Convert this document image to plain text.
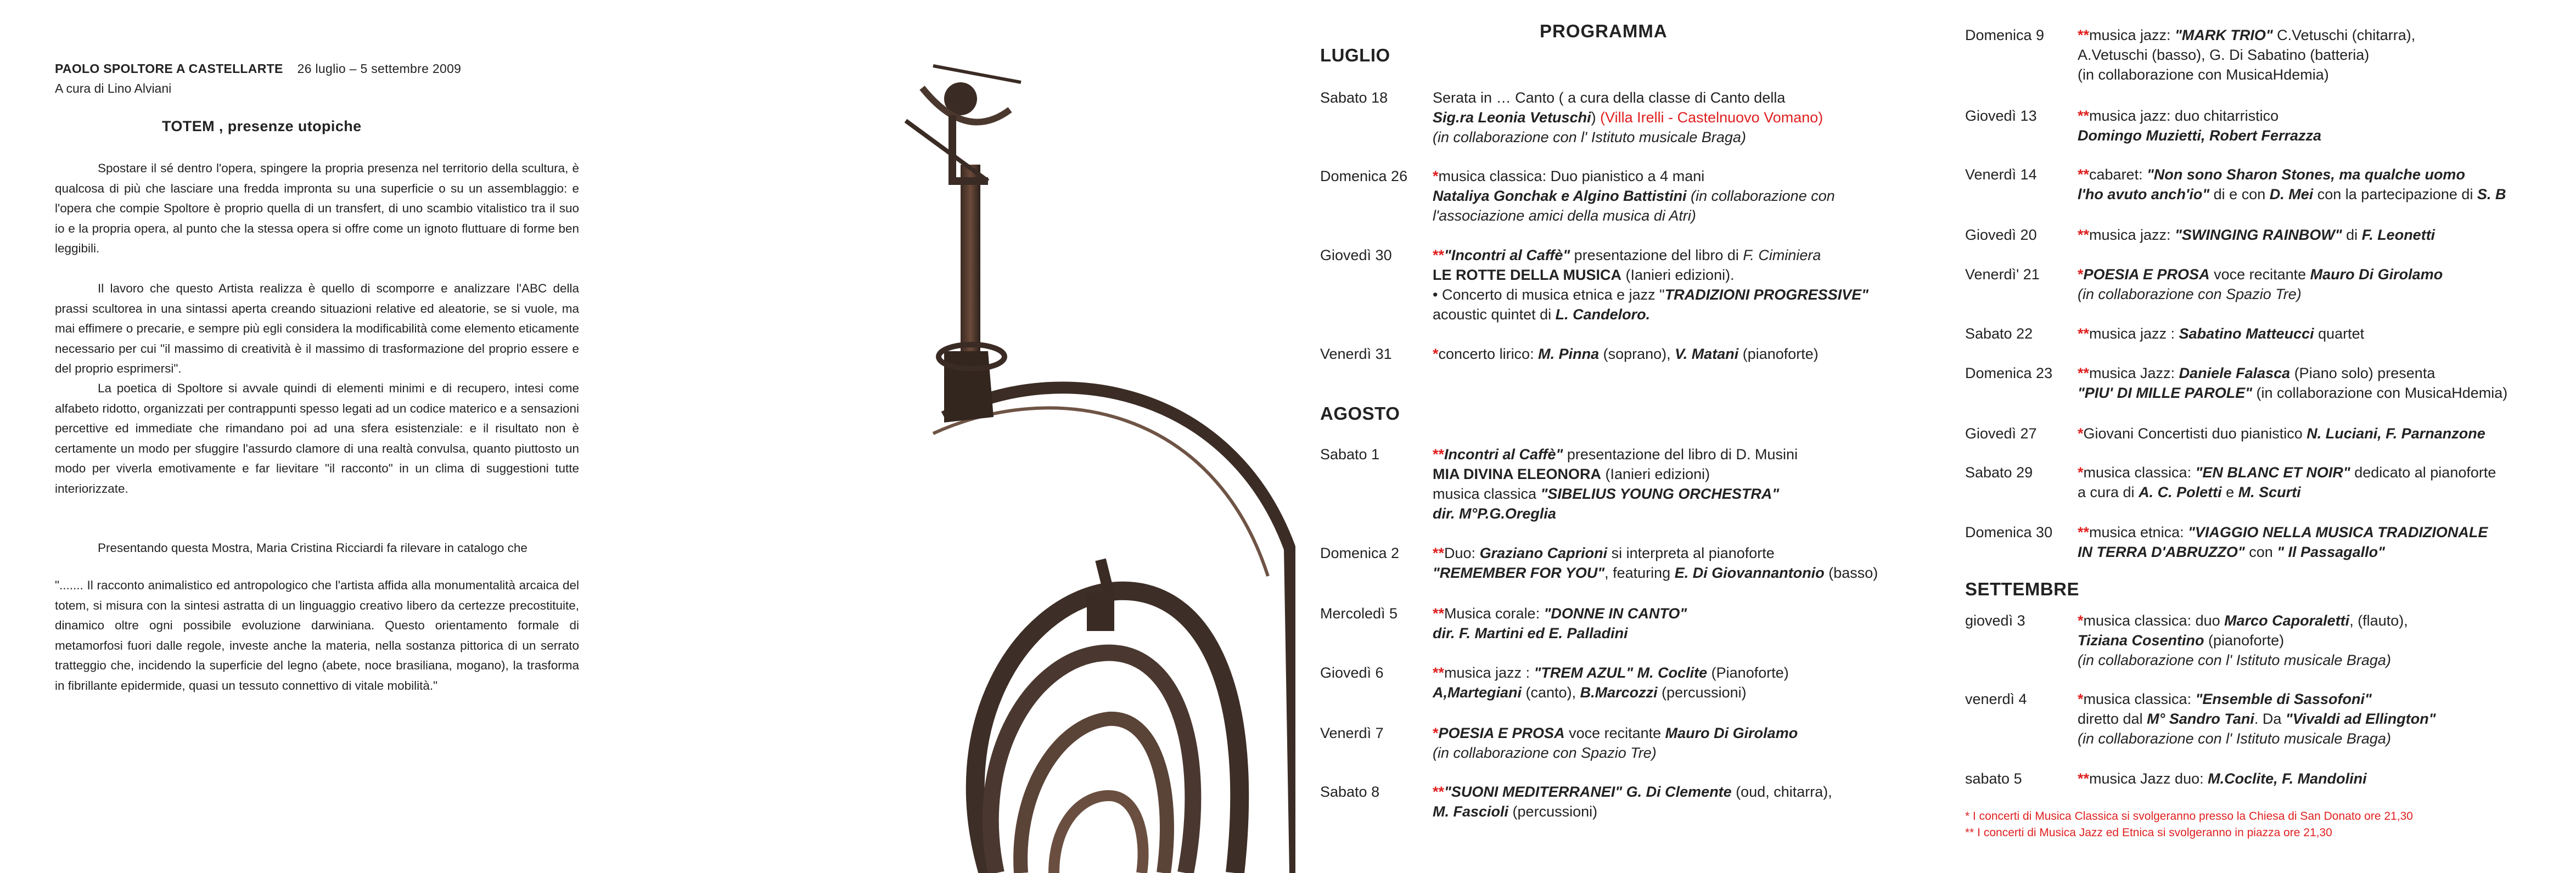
PAOLO SPOLTORE A CASTELLARTE 26 luglio – 5 settembre 2009
A cura di Lino Alviani
TOTEM , presenze utopiche

Spostare il sé dentro l'opera, spingere la propria presenza nel territorio della scultura, è qualcosa di più che lasciare una fredda impronta su una superficie o su un assemblaggio: e l'opera che compie Spoltore è proprio quella di un transfert, di uno scambio vitalistico tra il suo io e la propria opera, al punto che la stessa opera si offre come un ignoto fluttuare di forme ben leggibili.

Il lavoro che questo Artista realizza è quello di scomporre e analizzare l'ABC della prassi scultorea in una sintassi aperta creando situazioni relative ed aleatorie, se si vuole, ma mai effimere o precarie, e sempre più egli considera la modificabilità come elemento eticamente necessario per cui "il massimo di creatività è il massimo di trasformazione del proprio essere e del proprio esprimersi".

La poetica di Spoltore si avvale quindi di elementi minimi e di recupero, intesi come alfabeto ridotto, organizzati per contrappunti spesso legati ad un codice materico e a sensazioni percettive ed immediate che rimandano poi ad una sfera esistenziale: e il risultato non è certamente un modo per sfuggire l'assurdo clamore di una realtà convulsa, quanto piuttosto un modo per viverla emotivamente e far lievitare "il racconto" in un clima di suggestioni tutte interiorizzate.

Presentando questa Mostra, Maria Cristina Ricciardi fa rilevare in catalogo che

"....... Il racconto animalistico ed antropologico che l'artista affida alla monumentalità arcaica del totem, si misura con la sintesi astratta di un linguaggio creativo libero da certezze precostituite, dinamico oltre ogni possibile evoluzione darwiniana. Questo orientamento formale di metamorfosi fuori dalle regole, investe anche la materia, nella sostanza pittorica di un serrato tratteggio che, incidendo la superficie del legno (abete, noce brasiliana, mogano), la trasforma in fibrillante epidermide, quasi un tessuto connettivo di vitale mobilità."

PROGRAMMA
LUGLIO
AGOSTO
SETTEMBRE
Sabato 18	Serata in … Canto ( a cura della classe di Canto della
Sig.ra Leonia Vetuschi) (Villa Irelli - Castelnuovo Vomano)
(in collaborazione con l' Istituto musicale Braga)
Domenica 26 *musica classica: Duo pianistico a 4 mani
Nataliya Gonchak e Algino Battistini (in collaborazione con
l'associazione amici della musica di Atri)
Giovedì 30	**"Incontri al Caffè" presentazione del libro di F. Ciminiera
LE ROTTE DELLA MUSICA (Ianieri edizioni).
• Concerto di musica etnica e jazz "TRADIZIONI PROGRESSIVE"
acoustic quintet di L. Candeloro.
Venerdì 31	*concerto lirico: M. Pinna (soprano), V. Matani (pianoforte)
Sabato 1	**Incontri al Caffè" presentazione del libro di D. Musini
MIA DIVINA ELEONORA (Ianieri edizioni)
musica classica "SIBELIUS YOUNG ORCHESTRA"
dir. M°P.G.Oreglia
Domenica 2 **Duo: Graziano Caprioni si interpreta al pianoforte
"REMEMBER FOR YOU", featuring E. Di Giovannantonio (basso)
Mercoledì 5 **Musica corale: "DONNE IN CANTO"
dir. F. Martini ed E. Palladini
Giovedì 6	**musica jazz : "TREM AZUL" M. Coclite (Pianoforte)
A,Martegiani (canto), B.Marcozzi (percussioni)
Venerdì 7	*POESIA E PROSA voce recitante Mauro Di Girolamo
(in collaborazione con Spazio Tre)
Sabato 8	**"SUONI MEDITERRANEI" G. Di Clemente (oud, chitarra),
M. Fascioli (percussioni)
Domenica 9 **musica jazz: "MARK TRIO" C.Vetuschi (chitarra),
A.Vetuschi (basso), G. Di Sabatino (batteria)
(in collaborazione con MusicaHdemia)
Giovedì 13	**musica jazz: duo chitarristico
Domingo Muzietti, Robert Ferrazza
Venerdì 14	**cabaret: "Non sono Sharon Stones, ma qualche uomo
l'ho avuto anch'io" di e con D. Mei con la partecipazione di S. B
Giovedì 20	**musica jazz: "SWINGING RAINBOW" di F. Leonetti
Venerdì' 21	*POESIA E PROSA voce recitante Mauro Di Girolamo
(in collaborazione con Spazio Tre)
Sabato 22	**musica jazz : Sabatino Matteucci quartet
Domenica 23 **musica Jazz: Daniele Falasca (Piano solo) presenta
"PIU' DI MILLE PAROLE" (in collaborazione con MusicaHdemia)
Giovedì 27	*Giovani Concertisti duo pianistico N. Luciani, F. Parnanzone
Sabato 29	*musica classica: "EN BLANC ET NOIR" dedicato al pianoforte
a cura di A. C. Poletti e M. Scurti
Domenica 30 **musica etnica: "VIAGGIO NELLA MUSICA TRADIZIONALE
IN TERRA D'ABRUZZO" con " Il Passagallo"
giovedì 3	*musica classica: duo Marco Caporaletti, (flauto),
Tiziana Cosentino (pianoforte)
(in collaborazione con l' Istituto musicale Braga)
venerdì 4	*musica classica: "Ensemble di Sassofoni"
diretto dal M° Sandro Tani. Da "Vivaldi ad Ellington"
(in collaborazione con l' Istituto musicale Braga)
sabato 5	**musica Jazz duo: M.Coclite, F. Mandolini
* I concerti di Musica Classica si svolgeranno presso la Chiesa di San Donato ore 21,30
** I concerti di Musica Jazz ed Etnica si svolgeranno in piazza ore 21,30
